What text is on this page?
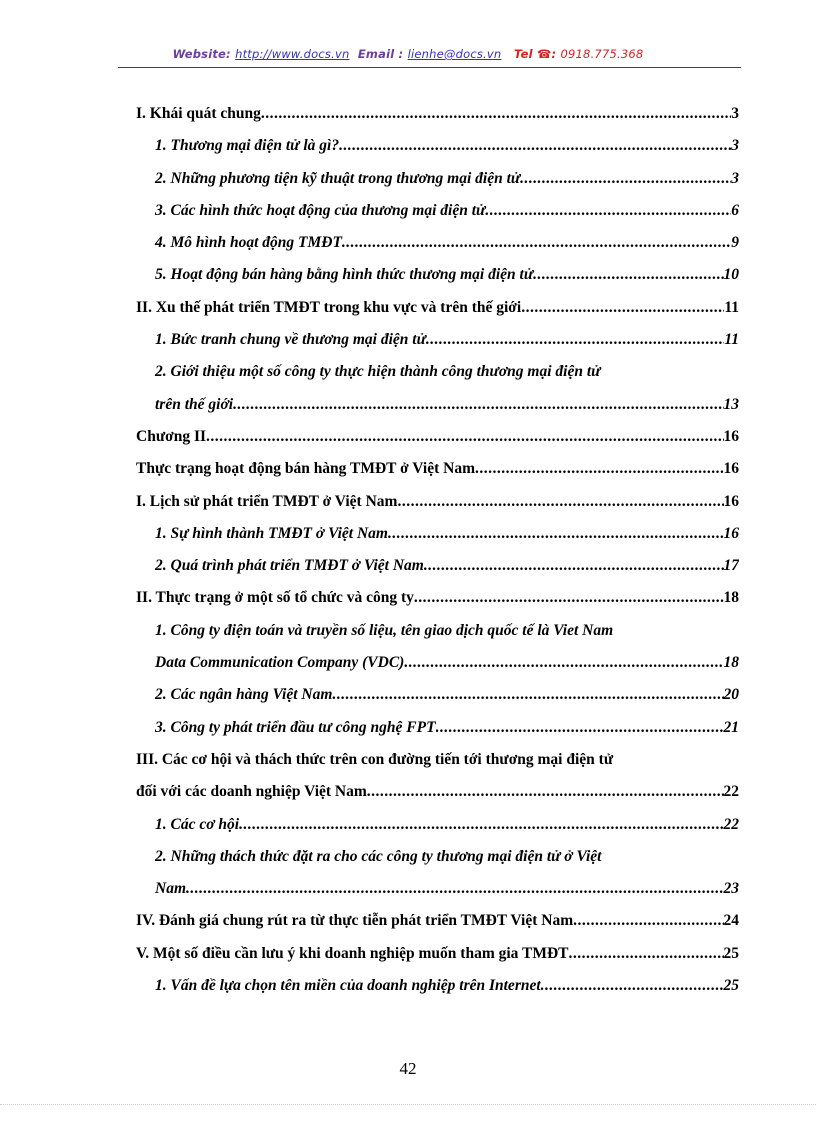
Website: http://www.docs.vn Email : lienhe@docs.vn Tel ☎: 0918.775.368
I. Khái quát chung .....	3
1. Thương mại điện tử là gì? .....	3
2. Những phương tiện kỹ thuật trong thương mại điện tử .....	3
3. Các hình thức hoạt động của thương mại điện tử .....	6
4. Mô hình hoạt động TMĐT .....	9
5. Hoạt động bán hàng bằng hình thức thương mại điện tử .....	10
II. Xu thế phát triển TMĐT trong khu vực và trên thế giới .....	11
1. Bức tranh chung về thương mại điện tử .....	11
2. Giới thiệu một số công ty thực hiện thành công thương mại điện tử
trên thế giới .....	13
Chương II .....	16
Thực trạng hoạt động bán hàng TMĐT ở Việt Nam .....	16
I. Lịch sử phát triển TMĐT ở Việt Nam .....	16
1. Sự hình thành TMĐT ở Việt Nam .....	16
2. Quá trình phát triển TMĐT ở Việt Nam .....	17
II. Thực trạng ở một số tổ chức và công ty .....	18
1. Công ty điện toán và truyền số liệu, tên giao dịch quốc tế là Viet Nam
Data Communication Company (VDC) .....	18
2. Các ngân hàng Việt Nam .....	20
3. Công ty phát triển đầu tư công nghệ FPT .....	21
III. Các cơ hội và thách thức trên con đường tiến tới thương mại điện tử
đối với các doanh nghiệp Việt Nam .....	22
1. Các cơ hội .....	22
2. Những thách thức đặt ra cho các công ty thương mại điện tử ở Việt
Nam .....	23
IV. Đánh giá chung rút ra từ thực tiễn phát triển TMĐT Việt Nam .....	24
V. Một số điều cần lưu ý khi doanh nghiệp muốn tham gia TMĐT .....	25
1. Vấn đề lựa chọn tên miền của doanh nghiệp trên Internet .....	25
42
